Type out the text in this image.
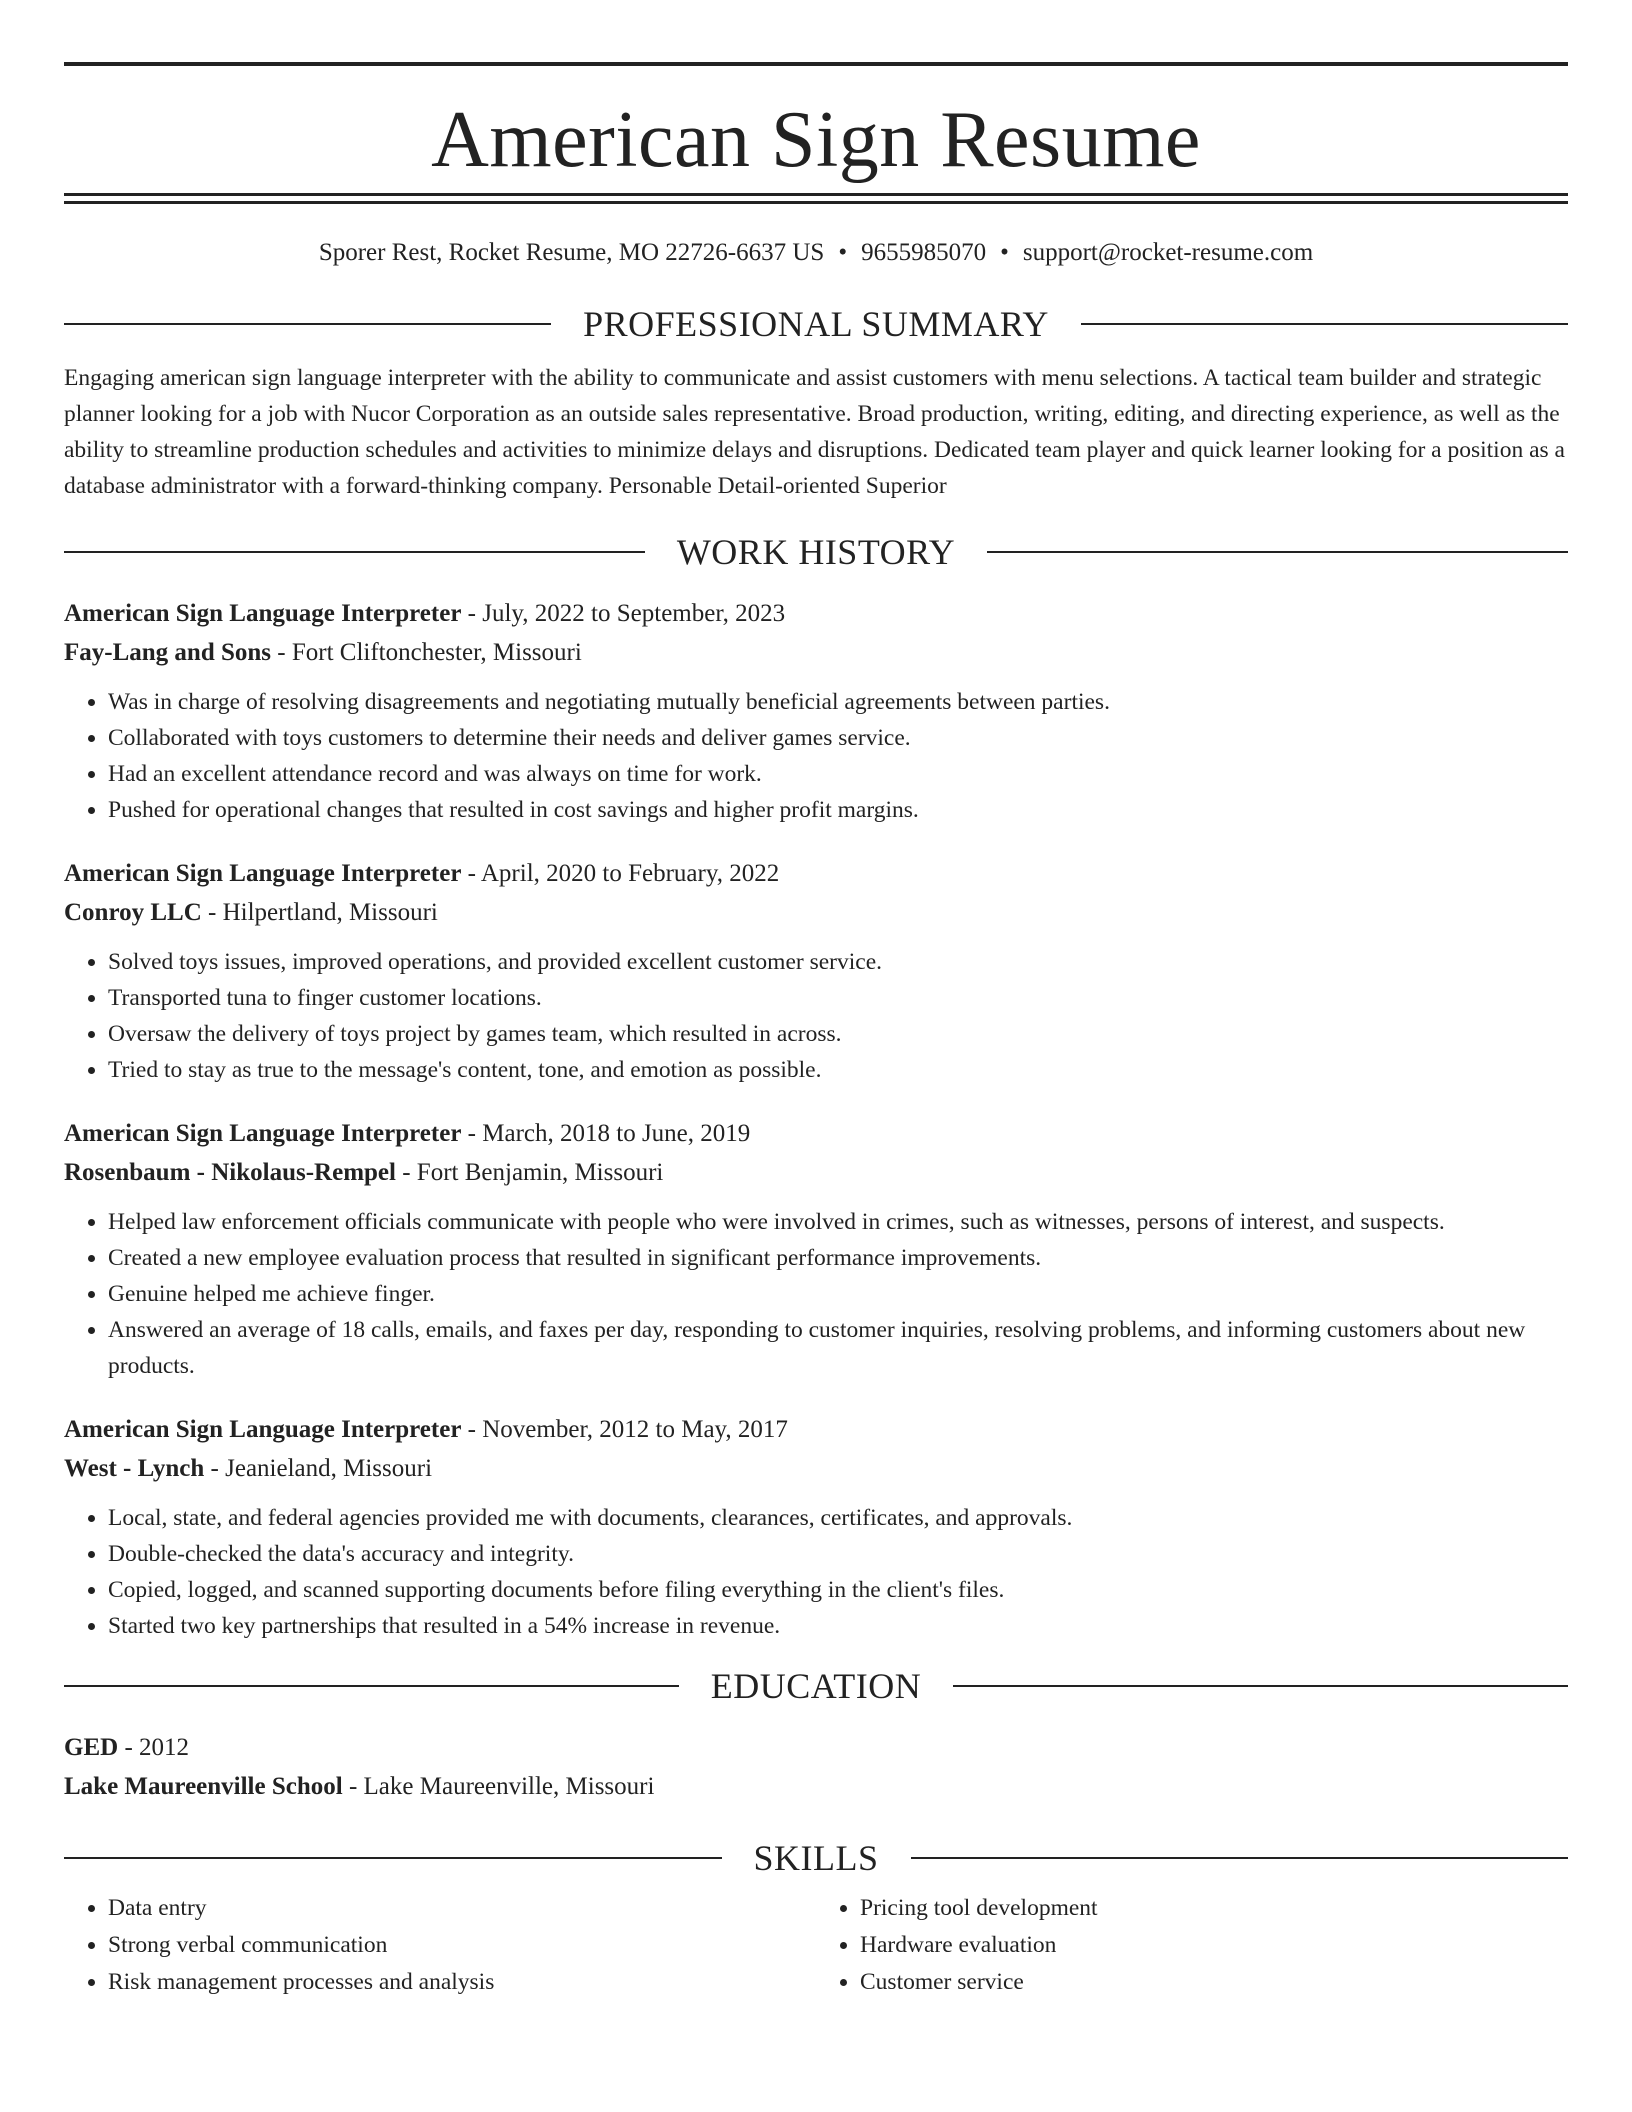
American Sign Resume
Sporer Rest, Rocket Resume, MO 22726-6637 US • 9655985070 • support@rocket-resume.com
PROFESSIONAL SUMMARY

Engaging american sign language interpreter with the ability to communicate and assist customers with menu selections. A tactical team builder and strategic planner looking for a job with Nucor Corporation as an outside sales representative. Broad production, writing, editing, and directing experience, as well as the ability to streamline production schedules and activities to minimize delays and disruptions. Dedicated team player and quick learner looking for a position as a database administrator with a forward-thinking company. Personable Detail-oriented Superior

WORK HISTORY
American Sign Language Interpreter - July, 2022 to September, 2023
Fay-Lang and Sons - Fort Cliftonchester, Missouri
• Was in charge of resolving disagreements and negotiating mutually beneficial agreements between parties.
• Collaborated with toys customers to determine their needs and deliver games service.
• Had an excellent attendance record and was always on time for work.
• Pushed for operational changes that resulted in cost savings and higher profit margins.
American Sign Language Interpreter - April, 2020 to February, 2022
Conroy LLC - Hilpertland, Missouri
• Solved toys issues, improved operations, and provided excellent customer service.
• Transported tuna to finger customer locations.
• Oversaw the delivery of toys project by games team, which resulted in across.
• Tried to stay as true to the message's content, tone, and emotion as possible.
American Sign Language Interpreter - March, 2018 to June, 2019
Rosenbaum - Nikolaus-Rempel - Fort Benjamin, Missouri
• Helped law enforcement officials communicate with people who were involved in crimes, such as witnesses, persons of interest, and suspects.
• Created a new employee evaluation process that resulted in significant performance improvements.
• Genuine helped me achieve finger.
• Answered an average of 18 calls, emails, and faxes per day, responding to customer inquiries, resolving problems, and informing customers about new products.
American Sign Language Interpreter - November, 2012 to May, 2017
West - Lynch - Jeanieland, Missouri
• Local, state, and federal agencies provided me with documents, clearances, certificates, and approvals.
• Double-checked the data's accuracy and integrity.
• Copied, logged, and scanned supporting documents before filing everything in the client's files.
• Started two key partnerships that resulted in a 54% increase in revenue.
EDUCATION
GED - 2012
Lake Maureenville School - Lake Maureenville, Missouri
SKILLS
• Data entry
• Strong verbal communication
• Risk management processes and analysis
• Pricing tool development
• Hardware evaluation
• Customer service
